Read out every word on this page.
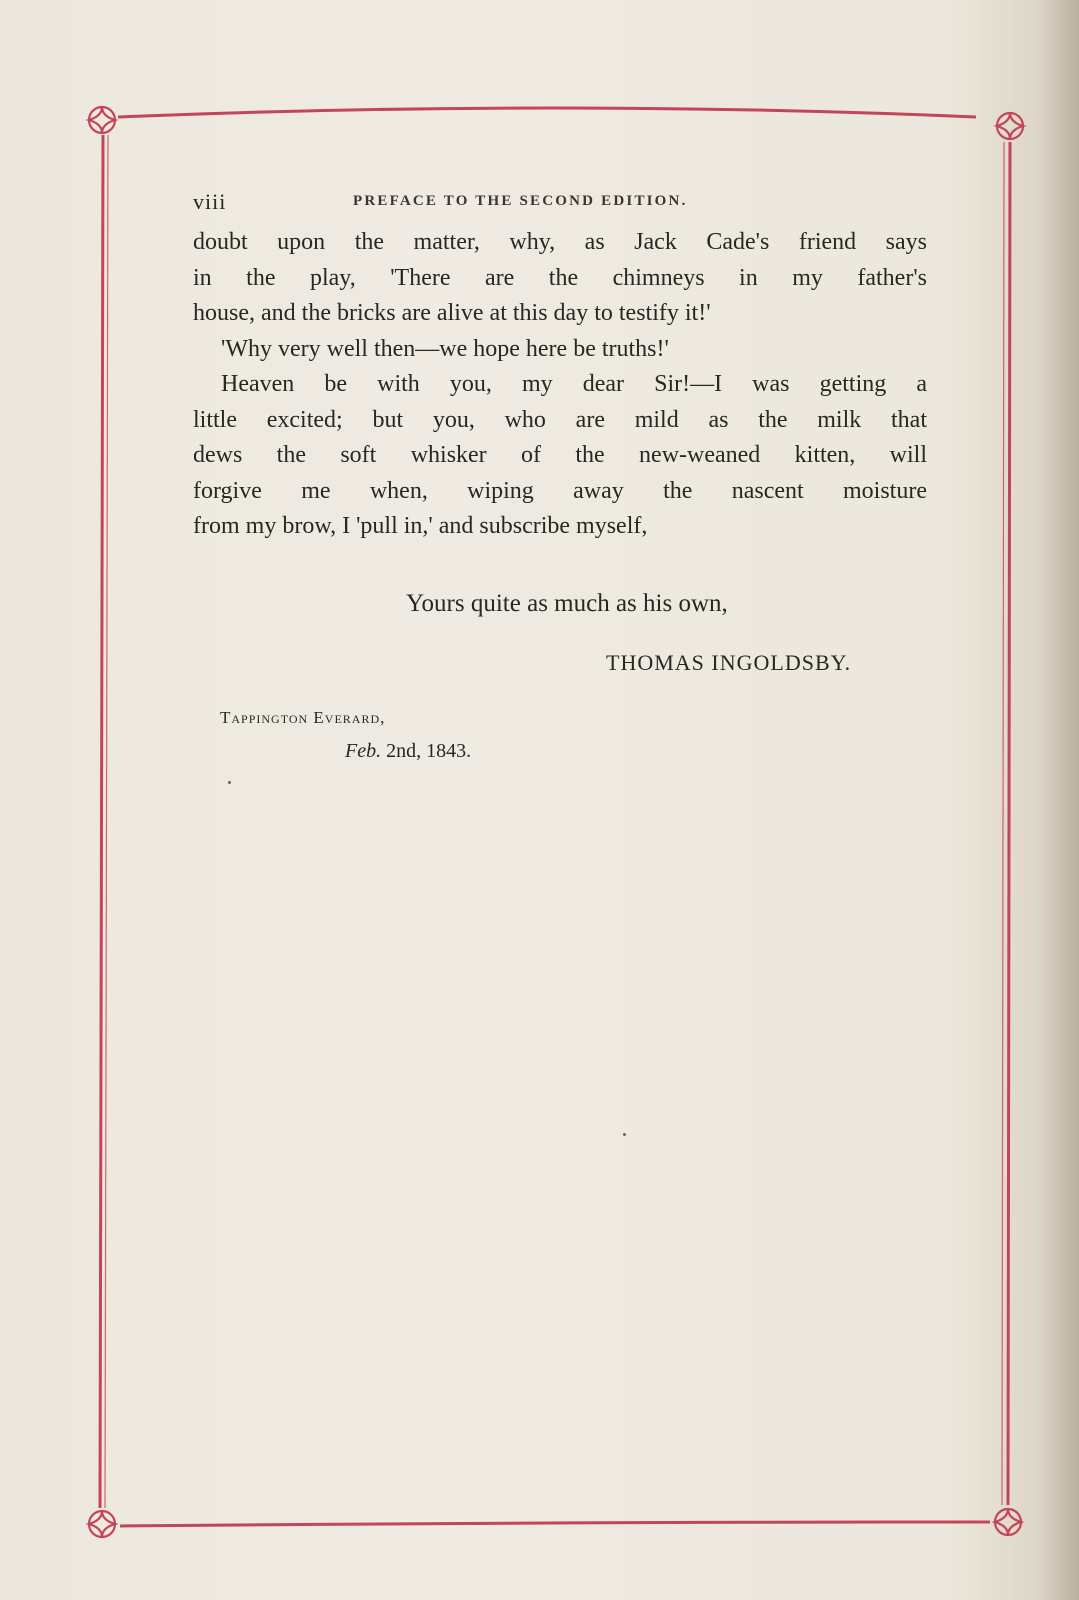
viii	PREFACE TO THE SECOND EDITION.
doubt upon the matter, why, as Jack Cade's friend says
in the play, 'There are the chimneys in my father's
house, and the bricks are alive at this day to testify it!'
'Why very well then—we hope here be truths!'
Heaven be with you, my dear Sir!—I was getting a
little excited; but you, who are mild as the milk that
dews the soft whisker of the new-weaned kitten, will
forgive me when, wiping away the nascent moisture
from my brow, I 'pull in,' and subscribe myself,
Yours quite as much as his own,
THOMAS INGOLDSBY.
Tappington Everard,
Feb. 2nd, 1843.
